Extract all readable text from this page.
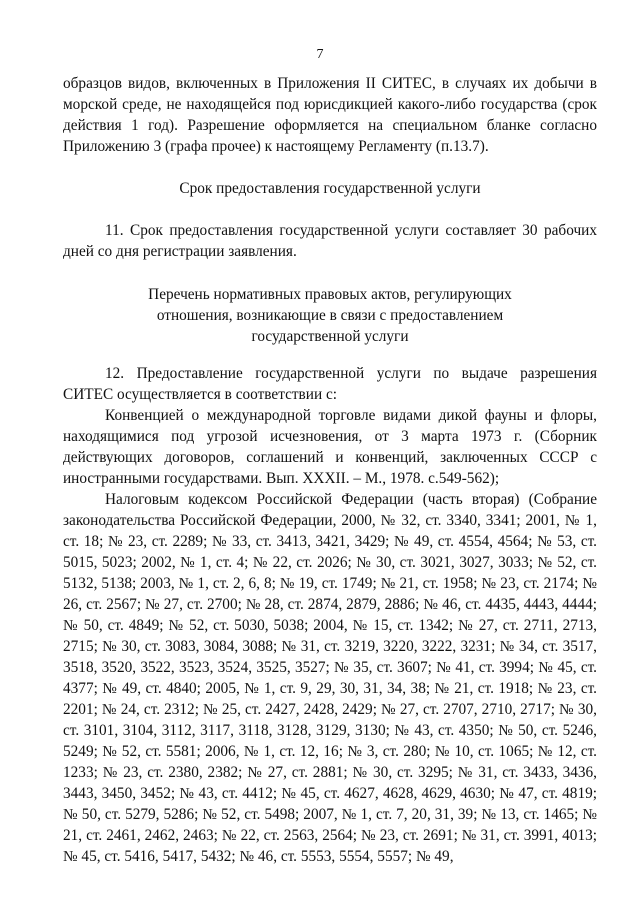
7

образцов видов, включенных в Приложения II СИТЕС, в случаях их добычи в морской среде, не находящейся под юрисдикцией какого-либо государства (срок действия 1 год). Разрешение оформляется на специальном бланке согласно Приложению 3 (графа прочее) к настоящему Регламенту (п.13.7).

Срок предоставления государственной услуги

11. Срок предоставления государственной услуги составляет 30 рабочих дней со дня регистрации заявления.

Перечень нормативных правовых актов, регулирующих

отношения, возникающие в связи с предоставлением

государственной услуги

12. Предоставление государственной услуги по выдаче разрешения СИТЕС осуществляется в соответствии с:

Конвенцией о международной торговле видами дикой фауны и флоры, находящимися под угрозой исчезновения, от 3 марта 1973 г. (Сборник действующих договоров, соглашений и конвенций, заключенных СССР с иностранными государствами. Вып. XXXII. – М., 1978. с.549-562);

Налоговым кодексом Российской Федерации (часть вторая) (Собрание законодательства Российской Федерации, 2000, № 32, ст. 3340, 3341; 2001, № 1, ст. 18; № 23, ст. 2289; № 33, ст. 3413, 3421, 3429; № 49, ст. 4554, 4564; № 53, ст. 5015, 5023; 2002, № 1, ст. 4; № 22, ст. 2026; № 30, ст. 3021, 3027, 3033; № 52, ст. 5132, 5138; 2003, № 1, ст. 2, 6, 8; № 19, ст. 1749; № 21, ст. 1958; № 23, ст. 2174; № 26, ст. 2567; № 27, ст. 2700; № 28, ст. 2874, 2879, 2886; № 46, ст. 4435, 4443, 4444; № 50, ст. 4849; № 52, ст. 5030, 5038; 2004, № 15, ст. 1342; № 27, ст. 2711, 2713, 2715; № 30, ст. 3083, 3084, 3088; № 31, ст. 3219, 3220, 3222, 3231; № 34, ст. 3517, 3518, 3520, 3522, 3523, 3524, 3525, 3527; № 35, ст. 3607; № 41, ст. 3994; № 45, ст. 4377; № 49, ст. 4840; 2005, № 1, ст. 9, 29, 30, 31, 34, 38; № 21, ст. 1918; № 23, ст. 2201; № 24, ст. 2312; № 25, ст. 2427, 2428, 2429; № 27, ст. 2707, 2710, 2717; № 30, ст. 3101, 3104, 3112, 3117, 3118, 3128, 3129, 3130; № 43, ст. 4350; № 50, ст. 5246, 5249; № 52, ст. 5581; 2006, № 1, ст. 12, 16; № 3, ст. 280; № 10, ст. 1065; № 12, ст. 1233; № 23, ст. 2380, 2382; № 27, ст. 2881; № 30, ст. 3295; № 31, ст. 3433, 3436, 3443, 3450, 3452; № 43, ст. 4412; № 45, ст. 4627, 4628, 4629, 4630; № 47, ст. 4819; № 50, ст. 5279, 5286; № 52, ст. 5498; 2007, № 1, ст. 7, 20, 31, 39; № 13, ст. 1465; № 21, ст. 2461, 2462, 2463; № 22, ст. 2563, 2564; № 23, ст. 2691; № 31, ст. 3991, 4013; № 45, ст. 5416, 5417, 5432; № 46, ст. 5553, 5554, 5557; № 49,
